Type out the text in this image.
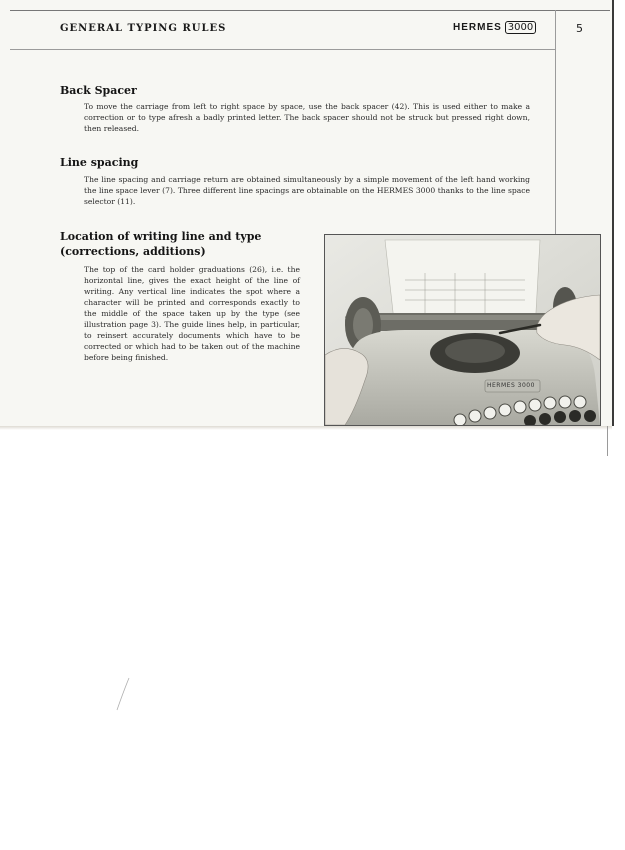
GENERAL TYPING RULES	HERMES 3000	5
Back Spacer

To move the carriage from left to right space by space, use the back spacer (42). This is used either to make a correction or to type afresh a badly printed letter. The back spacer should not be struck but pressed right down, then released.

Line spacing

The line spacing and carriage return are obtained simultaneously by a simple movement of the left hand working the line space lever (7). Three different line spacings are obtainable on the HERMES 3000 thanks to the line space selector (11).

Location of writing line and type (corrections, additions)

The top of the card holder graduations (26), i.e. the horizontal line, gives the exact height of the line of writing. Any vertical line indicates the spot where a character will be printed and corresponds exactly to the middle of the space taken up by the type (see illustration page 3). The guide lines help, in particular, to reinsert accurately documents which have to be corrected or which had to be taken out of the machine before being finished.

HERMES 3000
